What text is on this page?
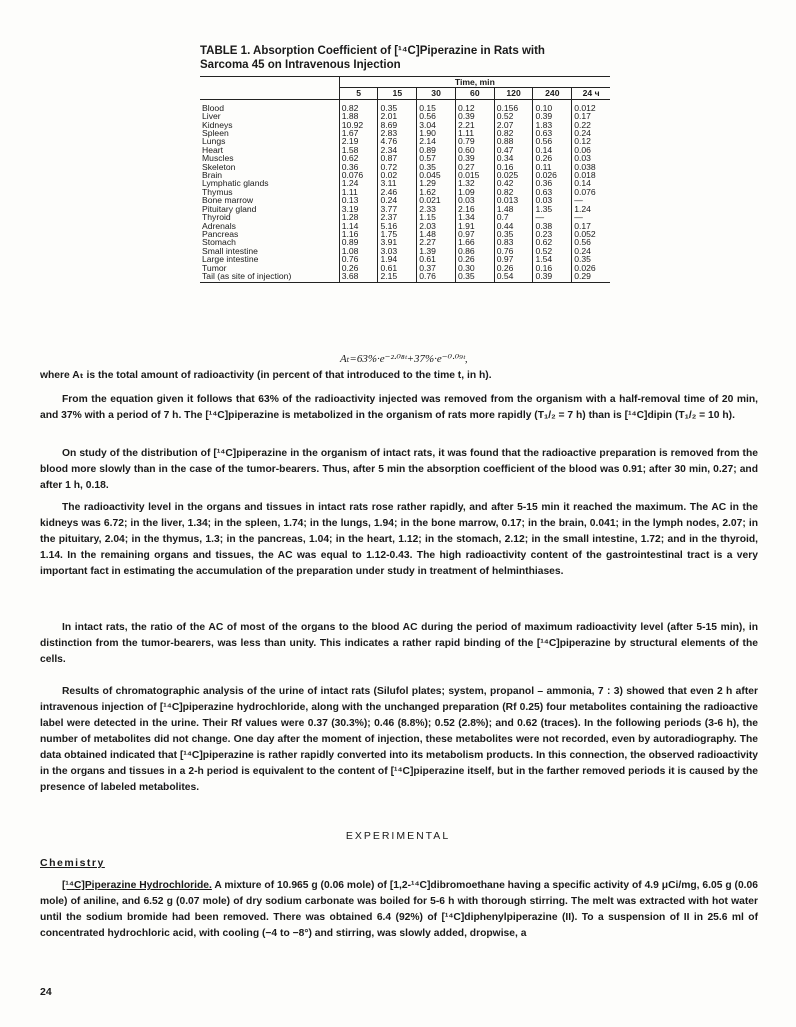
TABLE 1. Absorption Coefficient of [¹⁴C]Piperazine in Rats with
Sarcoma 45 on Intravenous Injection
	Time, min						
	5	15	30	60	120	240	24 ч
Blood	0.82	0.35	0.15	0.12	0.156	0.10	0.012
Liver	1.88	2.01	0.56	0.39	0.52	0.39	0.17
Kidneys	10.92	8.69	3.04	2.21	2.07	1.83	0.22
Spleen	1.67	2.83	1.90	1.11	0.82	0.63	0.24
Lungs	2.19	4.76	2.14	0.79	0.88	0.56	0.12
Heart	1.58	2.34	0.89	0.60	0.47	0.14	0.06
Muscles	0.62	0.87	0.57	0.39	0.34	0.26	0.03
Skeleton	0.36	0.72	0.35	0.27	0.16	0.11	0.038
Brain	0.076	0.02	0.045	0.015	0.025	0.026	0.018
Lymphatic glands	1.24	3.11	1.29	1.32	0.42	0.36	0.14
Thymus	1.11	2.46	1.62	1.09	0.82	0.63	0.076
Bone marrow	0.13	0.24	0.021	0.03	0.013	0.03	—
Pituitary gland	3.19	3.77	2.33	2.16	1.48	1.35	1.24
Thyroid	1.28	2.37	1.15	1.34	0.7	—	—
Adrenals	1.14	5.16	2.03	1.91	0.44	0.38	0.17
Pancreas	1.16	1.75	1.48	0.97	0.35	0.23	0.052
Stomach	0.89	3.91	2.27	1.66	0.83	0.62	0.56
Small intestine	1.08	3.03	1.39	0.86	0.76	0.52	0.24
Large intestine	0.76	1.94	0.61	0.26	0.97	1.54	0.35
Tumor	0.26	0.61	0.37	0.30	0.26	0.16	0.026
Tail (as site of injection)	3.68	2.15	0.76	0.35	0.54	0.39	0.29
Aₜ=63%·e⁻²·⁰⁸ᵗ+37%·e⁻⁰·⁰⁹ᵗ,

where Aₜ is the total amount of radioactivity (in percent of that introduced to the time t, in h).

From the equation given it follows that 63% of the radioactivity injected was removed from the organism with a half-removal time of 20 min, and 37% with a period of 7 h. The [¹⁴C]piperazine is metabolized in the organism of rats more rapidly (T₁/₂ = 7 h) than is [¹⁴C]dipin (T₁/₂ = 10 h).

On study of the distribution of [¹⁴C]piperazine in the organism of intact rats, it was found that the radioactive preparation is removed from the blood more slowly than in the case of the tumor-bearers. Thus, after 5 min the absorption coefficient of the blood was 0.91; after 30 min, 0.27; and after 1 h, 0.18.

The radioactivity level in the organs and tissues in intact rats rose rather rapidly, and after 5-15 min it reached the maximum. The AC in the kidneys was 6.72; in the liver, 1.34; in the spleen, 1.74; in the lungs, 1.94; in the bone marrow, 0.17; in the brain, 0.041; in the lymph nodes, 2.07; in the pituitary, 2.04; in the thymus, 1.3; in the pancreas, 1.04; in the heart, 1.12; in the stomach, 2.12; in the small intestine, 1.72; and in the thyroid, 1.14. In the remaining organs and tissues, the AC was equal to 1.12-0.43. The high radioactivity content of the gastrointestinal tract is a very important fact in estimating the accumulation of the preparation under study in treatment of helminthiases.

In intact rats, the ratio of the AC of most of the organs to the blood AC during the period of maximum radioactivity level (after 5-15 min), in distinction from the tumor-bearers, was less than unity. This indicates a rather rapid binding of the [¹⁴C]piperazine by structural elements of the cells.

Results of chromatographic analysis of the urine of intact rats (Silufol plates; system, propanol – ammonia, 7 : 3) showed that even 2 h after intravenous injection of [¹⁴C]piperazine hydrochloride, along with the unchanged preparation (Rf 0.25) four metabolites containing the radioactive label were detected in the urine. Their Rf values were 0.37 (30.3%); 0.46 (8.8%); 0.52 (2.8%); and 0.62 (traces). In the following periods (3-6 h), the number of metabolites did not change. One day after the moment of injection, these metabolites were not recorded, even by autoradiography. The data obtained indicated that [¹⁴C]piperazine is rather rapidly converted into its metabolism products. In this connection, the observed radioactivity in the organs and tissues in a 2-h period is equivalent to the content of [¹⁴C]piperazine itself, but in the farther removed periods it is caused by the presence of labeled metabolites.

EXPERIMENTAL
Chemistry

[¹⁴C]Piperazine Hydrochloride. A mixture of 10.965 g (0.06 mole) of [1,2-¹⁴C]dibromoethane having a specific activity of 4.9 μCi/mg, 6.05 g (0.06 mole) of aniline, and 6.52 g (0.07 mole) of dry sodium carbonate was boiled for 5-6 h with thorough stirring. The melt was extracted with hot water until the sodium bromide had been removed. There was obtained 6.4 (92%) of [¹⁴C]diphenylpiperazine (II). To a suspension of II in 25.6 ml of concentrated hydrochloric acid, with cooling (−4 to −8°) and stirring, was slowly added, dropwise, a

24
